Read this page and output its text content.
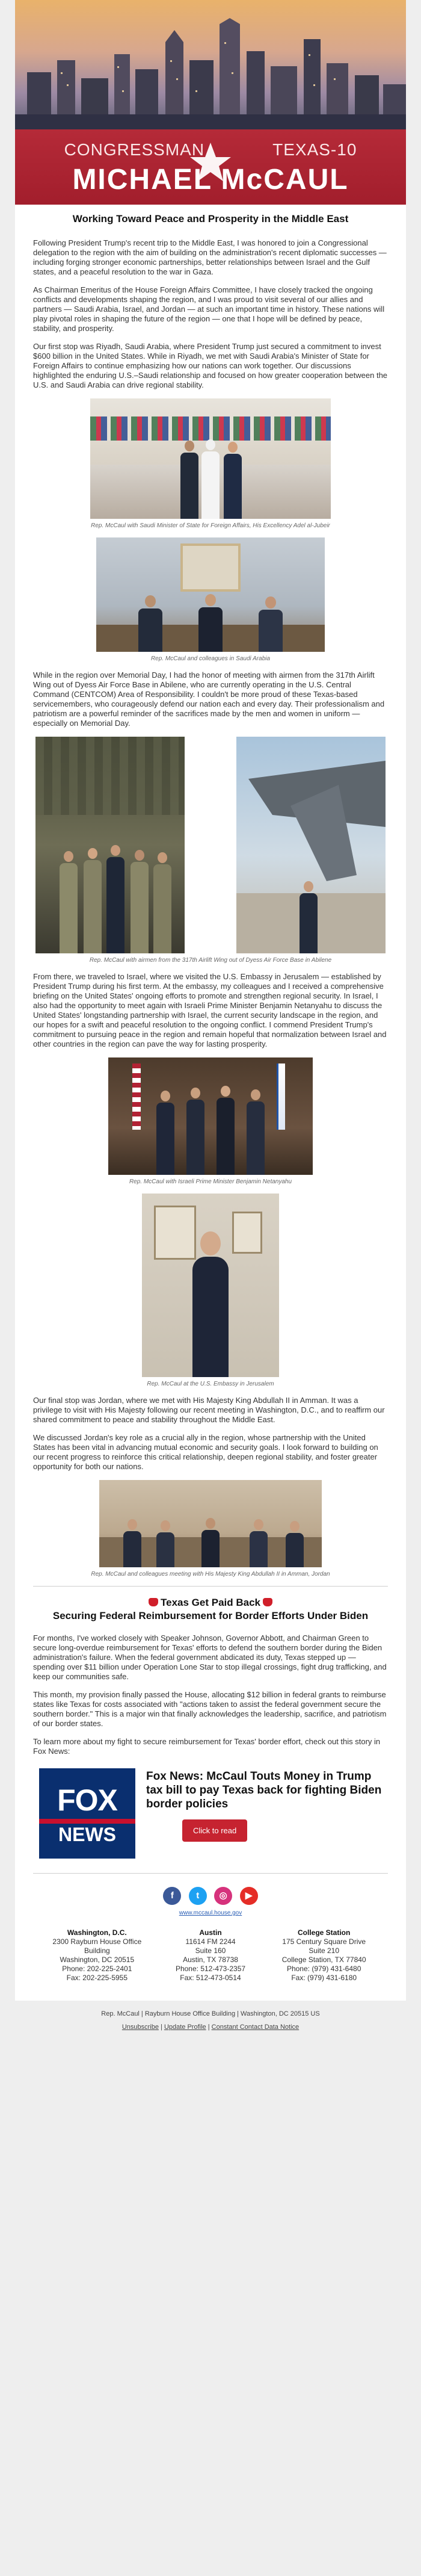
CONGRESSMAN	TEXAS-10
MICHAEL McCAUL
Working Toward Peace and Prosperity in the Middle East

Following President Trump's recent trip to the Middle East, I was honored to join a Congressional delegation to the region with the aim of building on the administration's recent diplomatic successes — including forging stronger economic partnerships, better relationships between Israel and the Gulf states, and a peaceful resolution to the war in Gaza.

As Chairman Emeritus of the House Foreign Affairs Committee, I have closely tracked the ongoing conflicts and developments shaping the region, and I was proud to visit several of our allies and partners — Saudi Arabia, Israel, and Jordan — at such an important time in history. These nations will play pivotal roles in shaping the future of the region — one that I hope will be defined by peace, stability, and prosperity.

Our first stop was Riyadh, Saudi Arabia, where President Trump just secured a commitment to invest $600 billion in the United States. While in Riyadh, we met with Saudi Arabia's Minister of State for Foreign Affairs to continue emphasizing how our nations can work together. Our discussions highlighted the enduring U.S.–Saudi relationship and focused on how greater cooperation between the U.S. and Saudi Arabia can drive regional stability.

Rep. McCaul with Saudi Minister of State for Foreign Affairs, His Excellency Adel al-Jubeir
Rep. McCaul and colleagues in Saudi Arabia

While in the region over Memorial Day, I had the honor of meeting with airmen from the 317th Airlift Wing out of Dyess Air Force Base in Abilene, who are currently operating in the U.S. Central Command (CENTCOM) Area of Responsibility. I couldn't be more proud of these Texas-based servicemembers, who courageously defend our nation each and every day. Their professionalism and patriotism are a powerful reminder of the sacrifices made by the men and women in uniform — especially on Memorial Day.

Rep. McCaul with airmen from the 317th Airlift Wing out of Dyess Air Force Base in Abilene

From there, we traveled to Israel, where we visited the U.S. Embassy in Jerusalem — established by President Trump during his first term. At the embassy, my colleagues and I received a comprehensive briefing on the United States' ongoing efforts to promote and strengthen regional security. In Israel, I also had the opportunity to meet again with Israeli Prime Minister Benjamin Netanyahu to discuss the United States' longstanding partnership with Israel, the current security landscape in the region, and our hopes for a swift and peaceful resolution to the ongoing conflict. I commend President Trump's commitment to pursuing peace in the region and remain hopeful that normalization between Israel and other countries in the region can pave the way for lasting prosperity.

Rep. McCaul with Israeli Prime Minister Benjamin Netanyahu
Rep. McCaul at the U.S. Embassy in Jerusalem

Our final stop was Jordan, where we met with His Majesty King Abdullah II in Amman. It was a privilege to visit with His Majesty following our recent meeting in Washington, D.C., and to reaffirm our shared commitment to peace and stability throughout the Middle East.

We discussed Jordan's key role as a crucial ally in the region, whose partnership with the United States has been vital in advancing mutual economic and security goals. I look forward to building on our recent progress to reinforce this critical relationship, deepen regional stability, and foster greater opportunity for both our nations.

Rep. McCaul and colleagues meeting with His Majesty King Abdullah II in Amman, Jordan
Texas Get Paid Back
Securing Federal Reimbursement for Border Efforts Under Biden

For months, I've worked closely with Speaker Johnson, Governor Abbott, and Chairman Green to secure long-overdue reimbursement for Texas' efforts to defend the southern border during the Biden administration's failure. When the federal government abdicated its duty, Texas stepped up — spending over $11 billion under Operation Lone Star to stop illegal crossings, fight drug trafficking, and keep our communities safe.

This month, my provision finally passed the House, allocating $12 billion in federal grants to reimburse states like Texas for costs associated with "actions taken to assist the federal government secure the southern border." This is a major win that finally acknowledges the leadership, sacrifice, and patriotism of our border states.

To learn more about my fight to secure reimbursement for Texas' border effort, check out this story in Fox News:

FOX
NEWS
Fox News: McCaul Touts Money in Trump tax bill to pay Texas back for fighting Biden border policies
Click to read
f t ◎ ▶
www.mccaul.house.gov
Washington, D.C.
2300 Rayburn House Office
Building
Washington, DC 20515
Phone: 202-225-2401
Fax: 202-225-5955
Austin
11614 FM 2244
Suite 160
Austin, TX 78738
Phone: 512-473-2357
Fax: 512-473-0514
College Station
175 Century Square Drive
Suite 210
College Station, TX 77840
Phone: (979) 431-6480
Fax: (979) 431-6180
Rep. McCaul | Rayburn House Office Building | Washington, DC 20515 US
Unsubscribe | Update Profile | Constant Contact Data Notice
